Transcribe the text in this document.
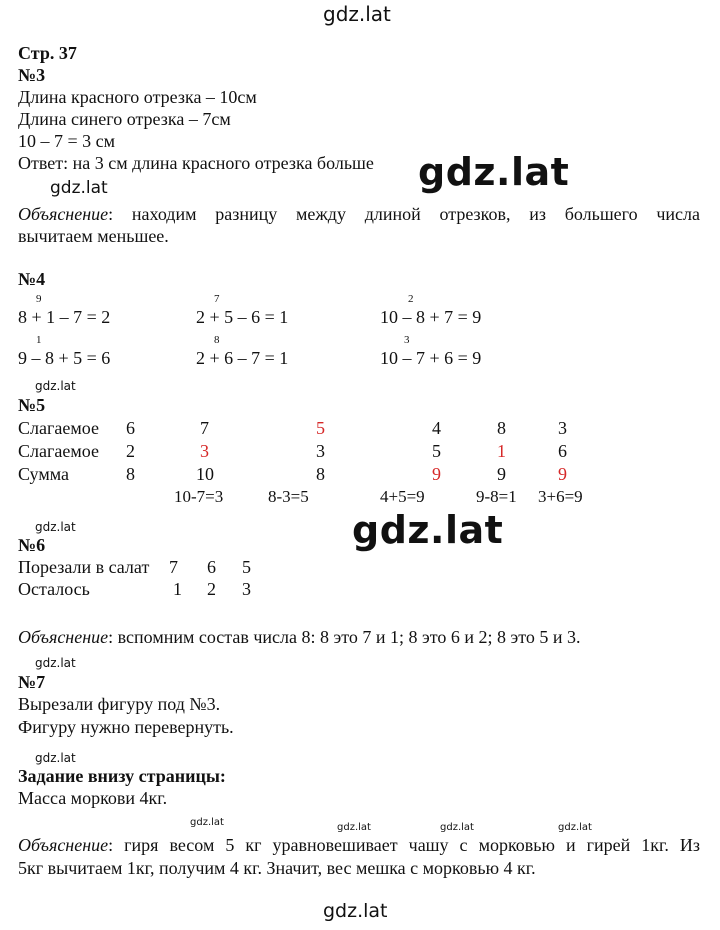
gdz.lat
gdz.lat
gdz.lat
gdz.lat
gdz.lat
gdz.lat
gdz.lat
gdz.lat
gdz.lat	gdz.lat	gdz.lat	gdz.lat
gdz.lat
Стр. 37
№3
Длина красного отрезка – 10см
Длина синего отрезка – 7см
10 – 7 = 3 см
Ответ: на 3 см длина красного отрезка больше
Объяснение: находим разницу между длиной отрезков, из большего числа
вычитаем меньшее.
№4
9
8 + 1 – 7 = 2
7
2 + 5 – 6 = 1
2
10 – 8 + 7 = 9
1
9 – 8 + 5 = 6
8
2 + 6 – 7 = 1
3
10 – 7 + 6 = 9
№5
Слагаемое 6	7	5	4	8	3
Слагаемое 2	3	3	5	1	6
Сумма	8	10	8	9	9	9
10-7=3	8-3=5	4+5=9	9-8=1 3+6=9
№6
Порезали в салат 7 6 5
Осталось	1 2 3
Объяснение: вспомним состав числа 8: 8 это 7 и 1; 8 это 6 и 2; 8 это 5 и 3.
№7
Вырезали фигуру под №3.
Фигуру нужно перевернуть.
Задание внизу страницы:
Масса моркови 4кг.
Объяснение: гиря весом 5 кг уравновешивает чашу с морковью и гирей 1кг. Из
5кг вычитаем 1кг, получим 4 кг. Значит, вес мешка с морковью 4 кг.
